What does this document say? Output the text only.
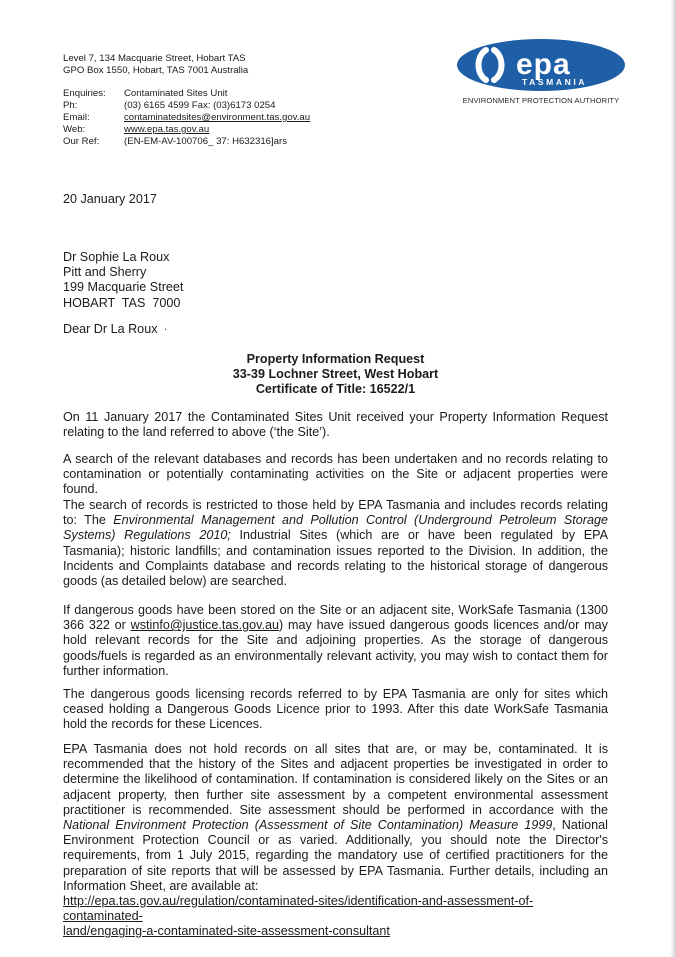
Level 7, 134 Macquarie Street, Hobart TAS
GPO Box 1550, Hobart, TAS 7001 Australia
Enquiries:	Contaminated Sites Unit
Ph:	(03) 6165 4599 Fax: (03)6173 0254
Email:	contaminatedsites@environment.tas.gov.au
Web:	www.epa.tas.gov.au
Our Ref:	(EN-EM-AV-100706_ 37: H632316]ars
epa
TASMANIA
ENVIRONMENT PROTECTION AUTHORITY
20 January 2017
Dr Sophie La Roux
Pitt and Sherry
199 Macquarie Street
HOBART  TAS  7000
Dear Dr La Roux ·
Property Information Request
33-39 Lochner Street, West Hobart
Certificate of Title: 16522/1
On 11 January 2017 the Contaminated Sites Unit received your Property Information Request relating to the land referred to above (‘the Site’).
A search of the relevant databases and records has been undertaken and no records relating to contamination or potentially contaminating activities on the Site or adjacent properties were found.
The search of records is restricted to those held by EPA Tasmania and includes records relating to: The Environmental Management and Pollution Control (Underground Petroleum Storage Systems) Regulations 2010; Industrial Sites (which are or have been regulated by EPA Tasmania); historic landfills; and contamination issues reported to the Division. In addition, the Incidents and Complaints database and records relating to the historical storage of dangerous goods (as detailed below) are searched.
If dangerous goods have been stored on the Site or an adjacent site, WorkSafe Tasmania (1300 366 322 or wstinfo@justice.tas.gov.au) may have issued dangerous goods licences and/or may hold relevant records for the Site and adjoining properties. As the storage of dangerous goods/fuels is regarded as an environmentally relevant activity, you may wish to contact them for further information.
The dangerous goods licensing records referred to by EPA Tasmania are only for sites which ceased holding a Dangerous Goods Licence prior to 1993. After this date WorkSafe Tasmania hold the records for these Licences.
EPA Tasmania does not hold records on all sites that are, or may be, contaminated. It is recommended that the history of the Sites and adjacent properties be investigated in order to determine the likelihood of contamination. If contamination is considered likely on the Sites or an adjacent property, then further site assessment by a competent environmental assessment practitioner is recommended. Site assessment should be performed in accordance with the National Environment Protection (Assessment of Site Contamination) Measure 1999, National Environment Protection Council or as varied. Additionally, you should note the Director's requirements, from 1 July 2015, regarding the mandatory use of certified practitioners for the preparation of site reports that will be assessed by EPA Tasmania. Further details, including an Information Sheet, are available at:
http://epa.tas.gov.au/regulation/contaminated-sites/identification-and-assessment-of-contaminated-
land/engaging-a-contaminated-site-assessment-consultant
